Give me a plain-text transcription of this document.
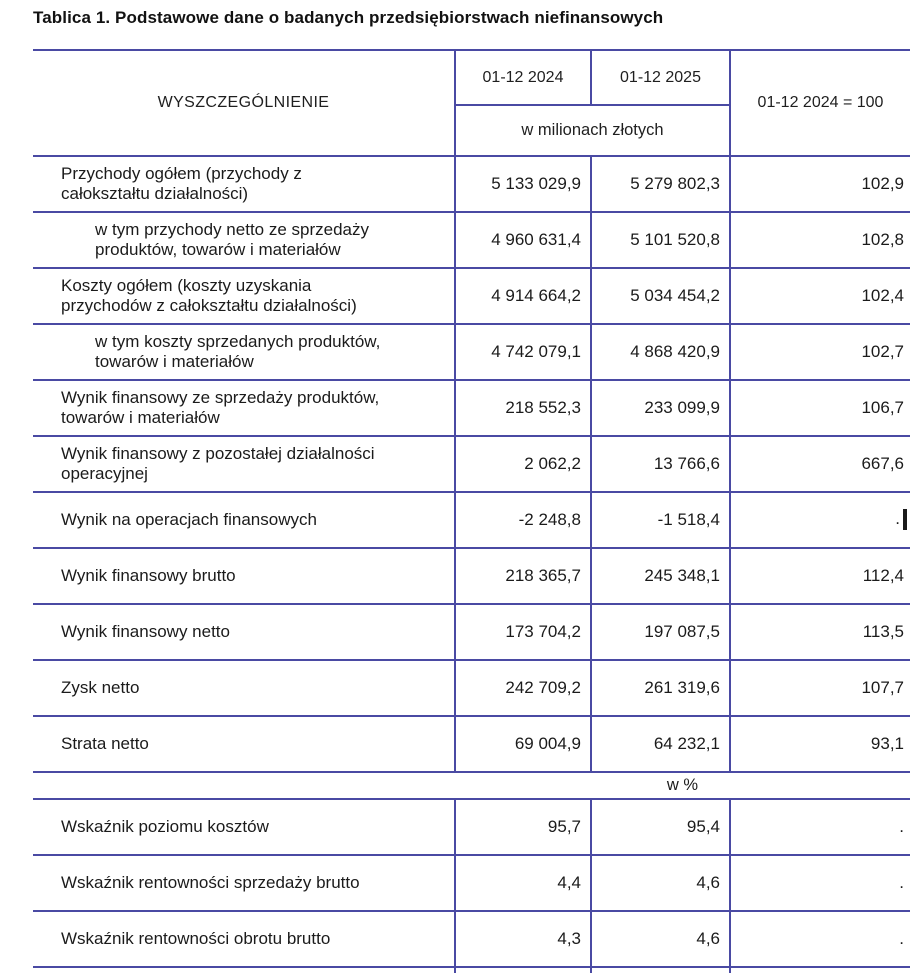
Tablica 1. Podstawowe dane o badanych przedsiębiorstwach niefinansowych
WYSZCZEGÓLNIENIE	01-12 2024	01-12 2025	01-12 2024 = 100
	w milionach złotych		
Przychody ogółem (przychody z całokształtu działalności)	5 133 029,9	5 279 802,3	102,9
w tym przychody netto ze sprzedaży produktów, towarów i materiałów	4 960 631,4	5 101 520,8	102,8
Koszty ogółem (koszty uzyskania przychodów z całokształtu działalności)	4 914 664,2	5 034 454,2	102,4
w tym koszty sprzedanych produktów, towarów i materiałów	4 742 079,1	4 868 420,9	102,7
Wynik finansowy ze sprzedaży produktów, towarów i materiałów	218 552,3	233 099,9	106,7
Wynik finansowy z pozostałej działalności operacyjnej	2 062,2	13 766,6	667,6
Wynik na operacjach finansowych	-2 248,8	-1 518,4	.
Wynik finansowy brutto	218 365,7	245 348,1	112,4
Wynik finansowy netto	173 704,2	197 087,5	113,5
Zysk netto	242 709,2	261 319,6	107,7
Strata netto	69 004,9	64 232,1	93,1

w %			

Wskaźnik poziomu kosztów	95,7	95,4	.
Wskaźnik rentowności sprzedaży brutto	4,4	4,6	.
Wskaźnik rentowności obrotu brutto	4,3	4,6	.
